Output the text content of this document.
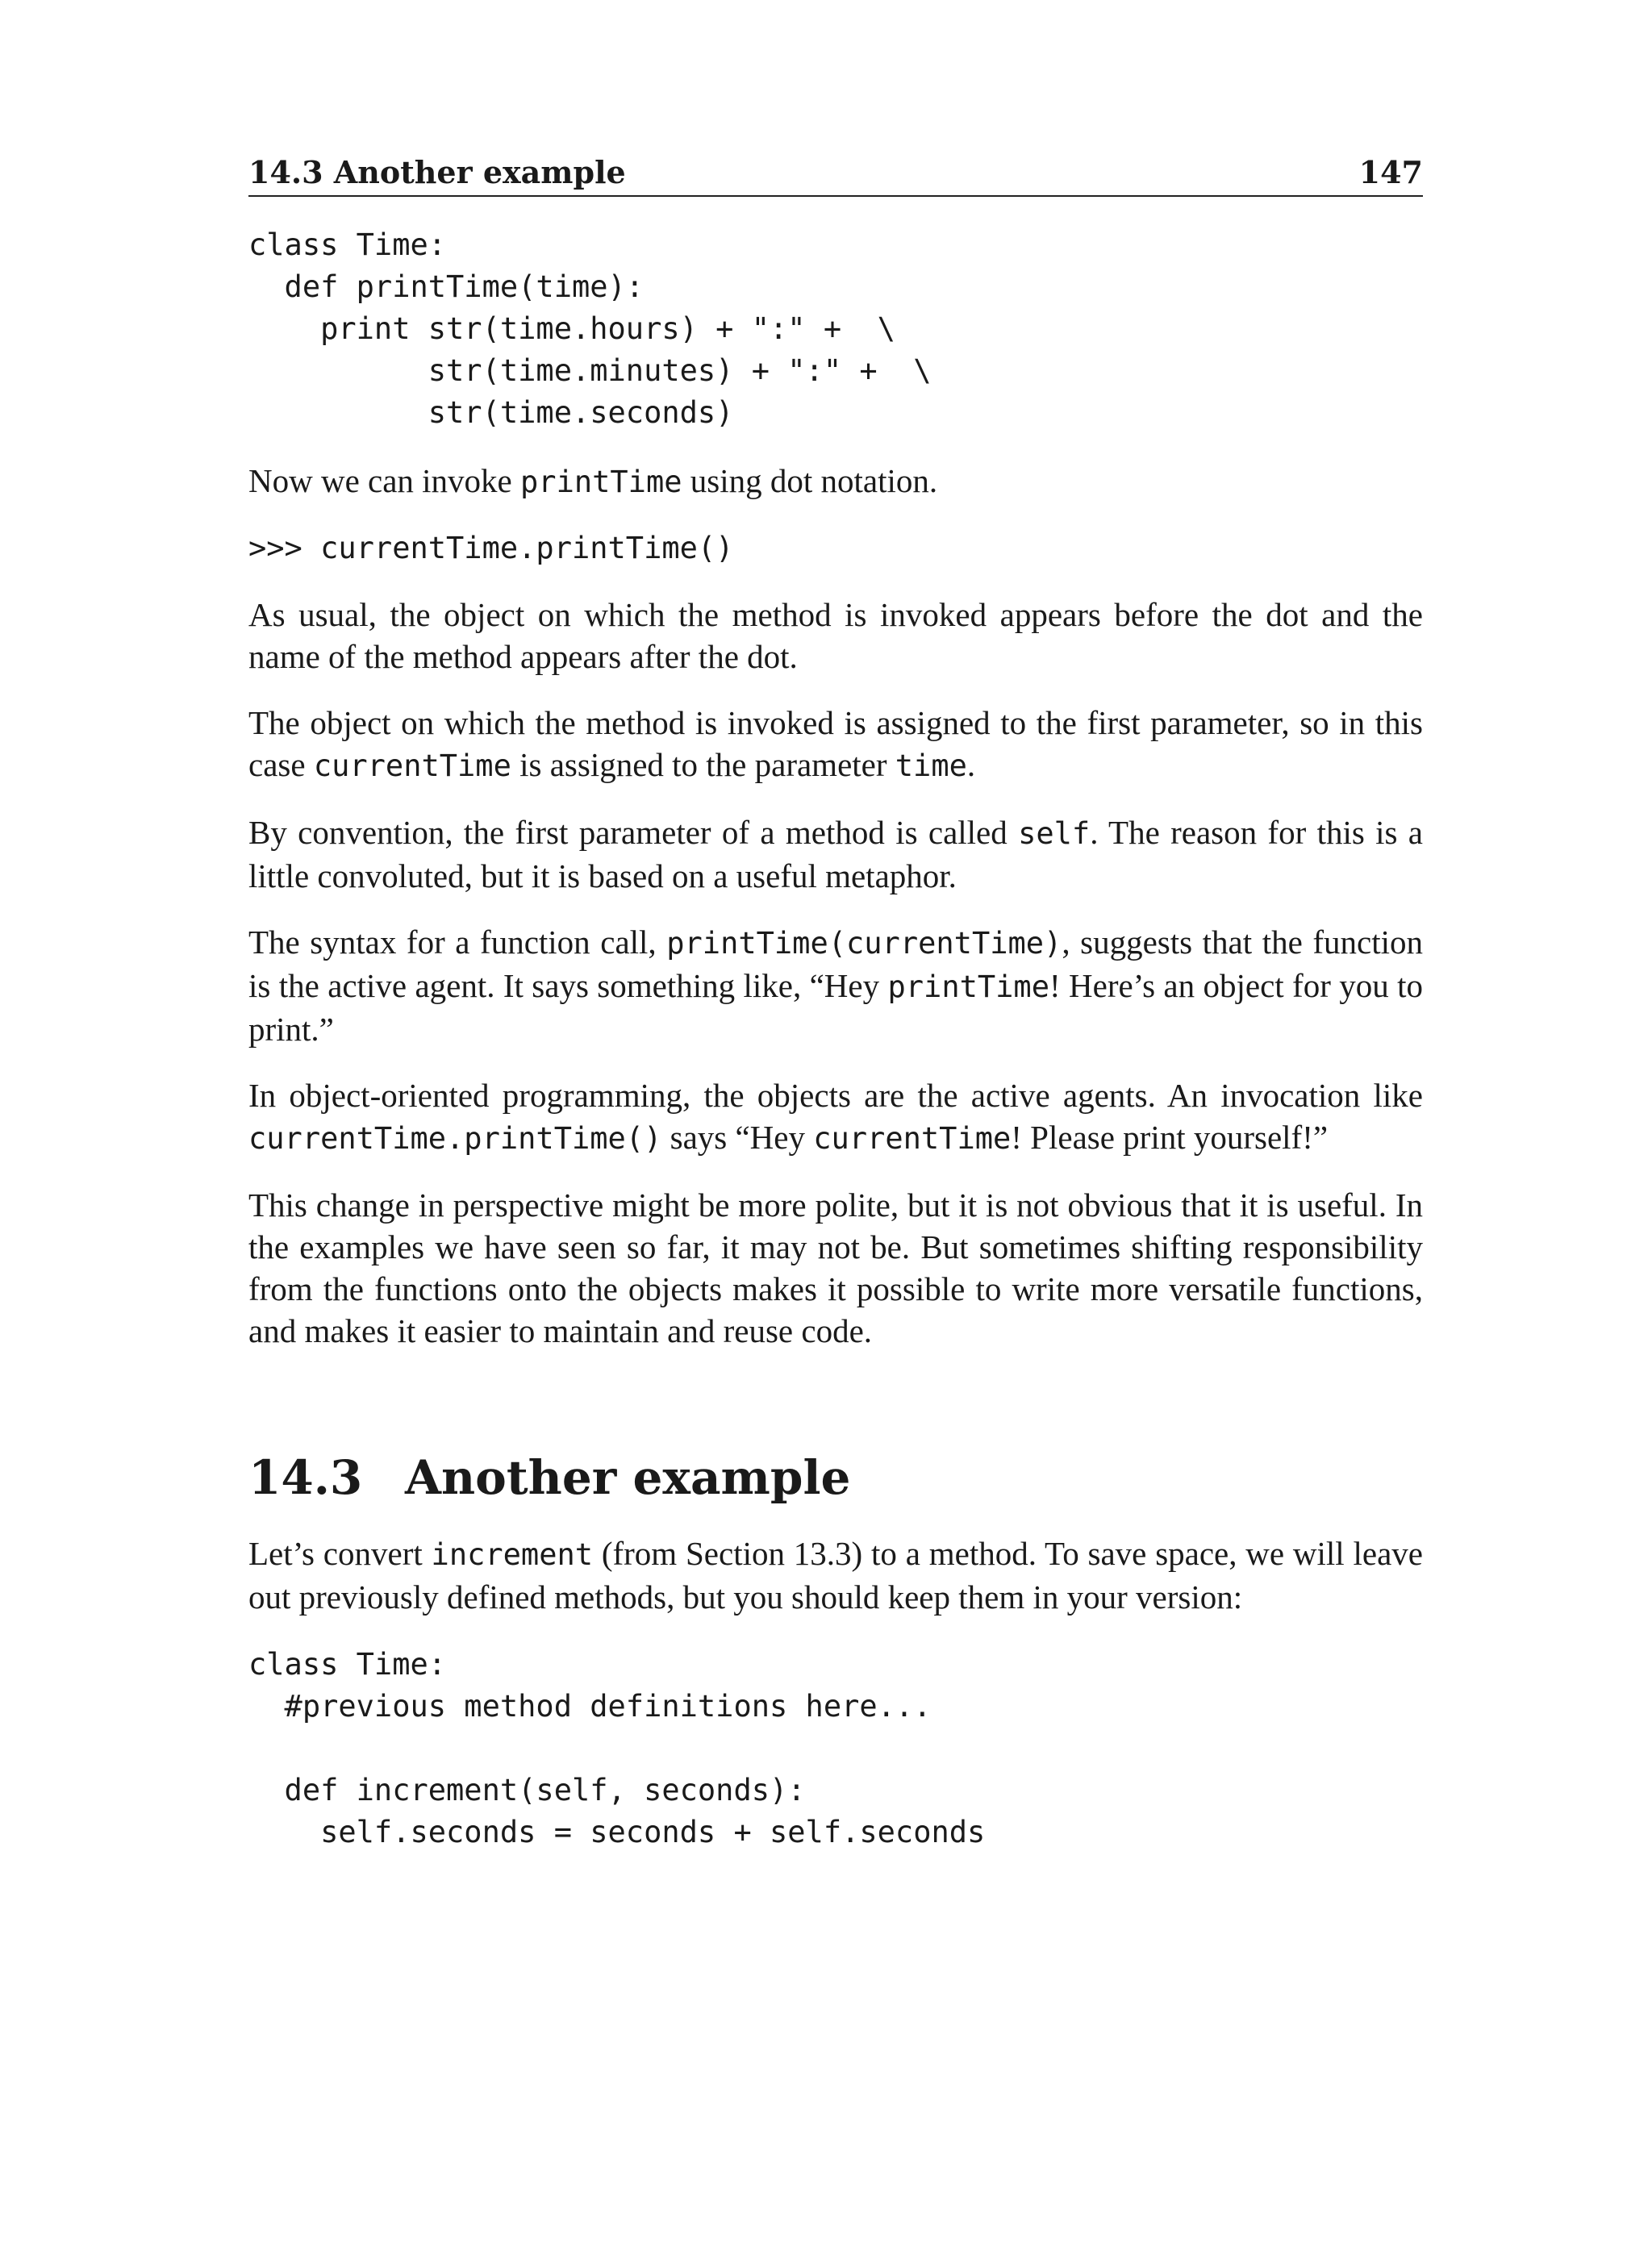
14.3 Another example	147
class Time:
def printTime(time):
print str(time.hours) + ":" +  \
str(time.minutes) + ":" +  \
str(time.seconds)

Now we can invoke printTime using dot notation.

>>> currentTime.printTime()

As usual, the object on which the method is invoked appears before the dot and the name of the method appears after the dot.

The object on which the method is invoked is assigned to the first parameter, so in this case currentTime is assigned to the parameter time.

By convention, the first parameter of a method is called self. The reason for this is a little convoluted, but it is based on a useful metaphor.

The syntax for a function call, printTime(currentTime), suggests that the function is the active agent. It says something like, “Hey printTime! Here’s an object for you to print.”

In object-oriented programming, the objects are the active agents. An invocation like currentTime.printTime() says “Hey currentTime! Please print yourself!”

This change in perspective might be more polite, but it is not obvious that it is useful. In the examples we have seen so far, it may not be. But sometimes shifting responsibility from the functions onto the objects makes it possible to write more versatile functions, and makes it easier to maintain and reuse code.

14.3 Another example

Let’s convert increment (from Section 13.3) to a method. To save space, we will leave out previously defined methods, but you should keep them in your version:

class Time:
#previous method definitions here...

def increment(self, seconds):
self.seconds = seconds + self.seconds
